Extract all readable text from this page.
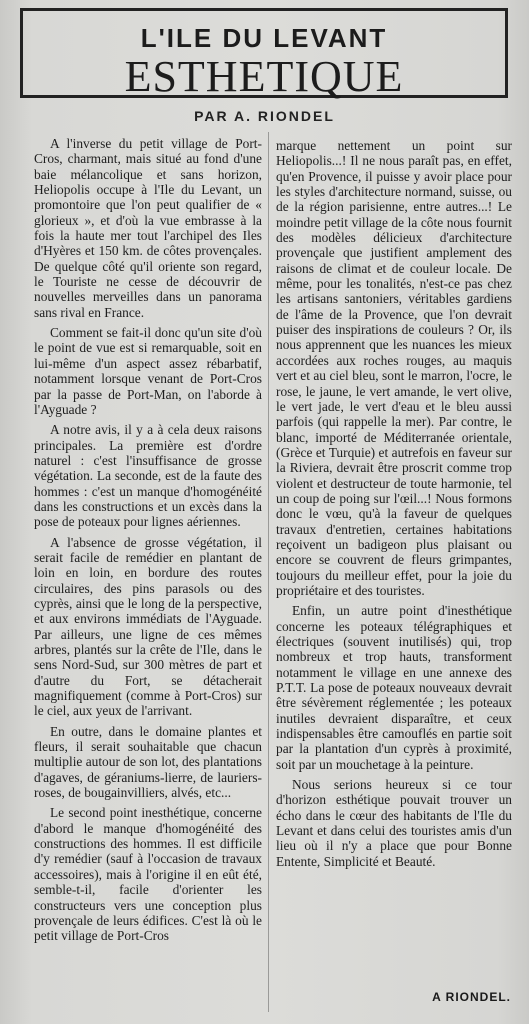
L'ILE DU LEVANT
ESTHETIQUE
PAR A. RIONDEL

A l'inverse du petit village de Port-Cros, charmant, mais situé au fond d'une baie mélancolique et sans horizon, Heliopolis occupe à l'Ile du Levant, un promontoire que l'on peut qualifier de « glorieux », et d'où la vue embrasse à la fois la haute mer tout l'archipel des Iles d'Hyères et 150 km. de côtes provençales. De quelque côté qu'il oriente son regard, le Touriste ne cesse de découvrir de nouvelles merveilles dans un panorama sans rival en France.

Comment se fait-il donc qu'un site d'où le point de vue est si remarquable, soit en lui-même d'un aspect assez rébarbatif, notamment lorsque venant de Port-Cros par la passe de Port-Man, on l'aborde à l'Ayguade ?

A notre avis, il y a à cela deux raisons principales. La première est d'ordre naturel : c'est l'insuffisance de grosse végétation. La seconde, est de la faute des hommes : c'est un manque d'homogénéité dans les constructions et un excès dans la pose de poteaux pour lignes aériennes.

A l'absence de grosse végétation, il serait facile de remédier en plantant de loin en loin, en bordure des routes circulaires, des pins parasols ou des cyprès, ainsi que le long de la perspective, et aux environs immédiats de l'Ayguade. Par ailleurs, une ligne de ces mêmes arbres, plantés sur la crête de l'Ile, dans le sens Nord-Sud, sur 300 mètres de part et d'autre du Fort, se détacherait magnifiquement (comme à Port-Cros) sur le ciel, aux yeux de l'arrivant.

En outre, dans le domaine plantes et fleurs, il serait souhaitable que chacun multiplie autour de son lot, des plantations d'agaves, de géraniums-lierre, de lauriers-roses, de bougainvilliers, alvés, etc...

Le second point inesthétique, concerne d'abord le manque d'homogénéité des constructions des hommes. Il est difficile d'y remédier (sauf à l'occasion de travaux accessoires), mais à l'origine il en eût été, semble-t-il, facile d'orienter les constructeurs vers une conception plus provençale de leurs édifices. C'est là où le petit village de Port-Cros

marque nettement un point sur Heliopolis...! Il ne nous paraît pas, en effet, qu'en Provence, il puisse y avoir place pour les styles d'architecture normand, suisse, ou de la région parisienne, entre autres...! Le moindre petit village de la côte nous fournit des modèles délicieux d'architecture provençale que justifient amplement des raisons de climat et de couleur locale. De même, pour les tonalités, n'est-ce pas chez les artisans santoniers, véritables gardiens de l'âme de la Provence, que l'on devrait puiser des inspirations de couleurs ? Or, ils nous apprennent que les nuances les mieux accordées aux roches rouges, au maquis vert et au ciel bleu, sont le marron, l'ocre, le rose, le jaune, le vert amande, le vert olive, le vert jade, le vert d'eau et le bleu aussi parfois (qui rappelle la mer). Par contre, le blanc, importé de Méditerranée orientale, (Grèce et Turquie) et autrefois en faveur sur la Riviera, devrait être proscrit comme trop violent et destructeur de toute harmonie, tel un coup de poing sur l'œil...! Nous formons donc le vœu, qu'à la faveur de quelques travaux d'entretien, certaines habitations reçoivent un badigeon plus plaisant ou encore se couvrent de fleurs grimpantes, toujours du meilleur effet, pour la joie du propriétaire et des touristes.

Enfin, un autre point d'inesthétique concerne les poteaux télégraphiques et électriques (souvent inutilisés) qui, trop nombreux et trop hauts, transforment notamment le village en une annexe des P.T.T. La pose de poteaux nouveaux devrait être sévèrement réglementée ; les poteaux inutiles devraient disparaître, et ceux indispensables être camouflés en partie soit par la plantation d'un cyprès à proximité, soit par un mouchetage à la peinture.

Nous serions heureux si ce tour d'horizon esthétique pouvait trouver un écho dans le cœur des habitants de l'Ile du Levant et dans celui des touristes amis d'un lieu où il n'y a place que pour Bonne Entente, Simplicité et Beauté.

A RIONDEL.
